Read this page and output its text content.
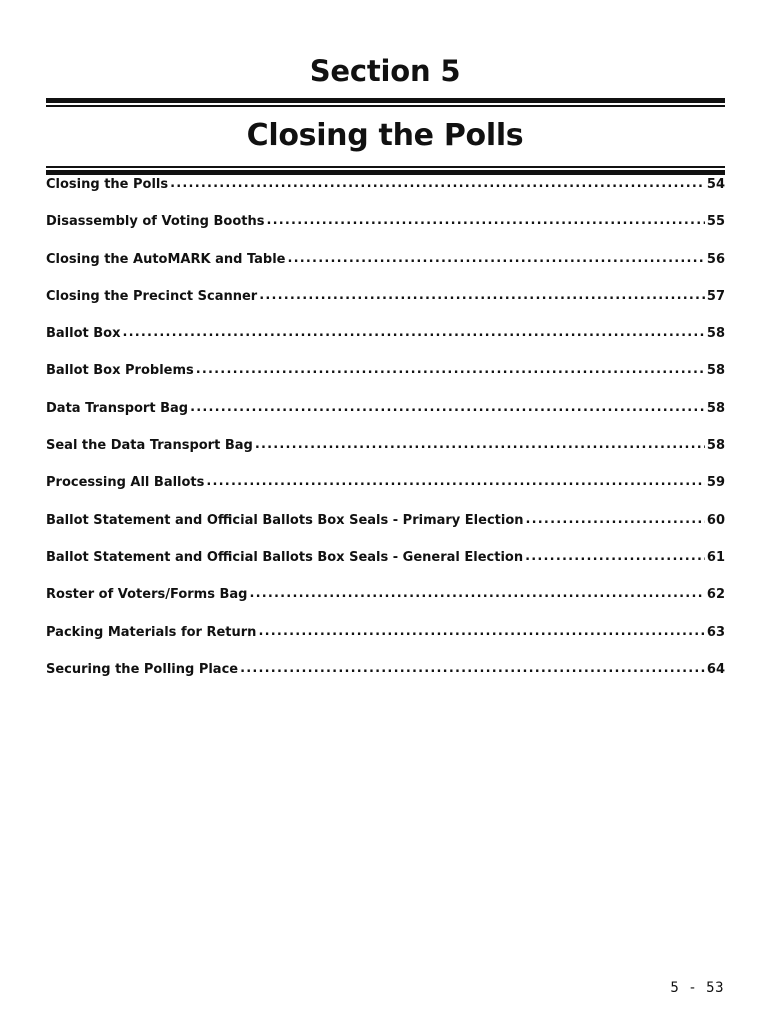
Section 5
Closing the Polls
Closing the Polls .....	54
Disassembly of Voting Booths .....	55
Closing the AutoMARK and Table .....	56
Closing the Precinct Scanner .....	57
Ballot Box .....	58
Ballot Box Problems .....	58
Data Transport Bag .....	58
Seal the Data Transport Bag .....	58
Processing All Ballots .....	59
Ballot Statement and Official Ballots Box Seals - Primary Election .....	60
Ballot Statement and Official Ballots Box Seals - General Election .....	61
Roster of Voters/Forms Bag .....	62
Packing Materials for Return .....	63
Securing the Polling Place .....	64
5 - 53
